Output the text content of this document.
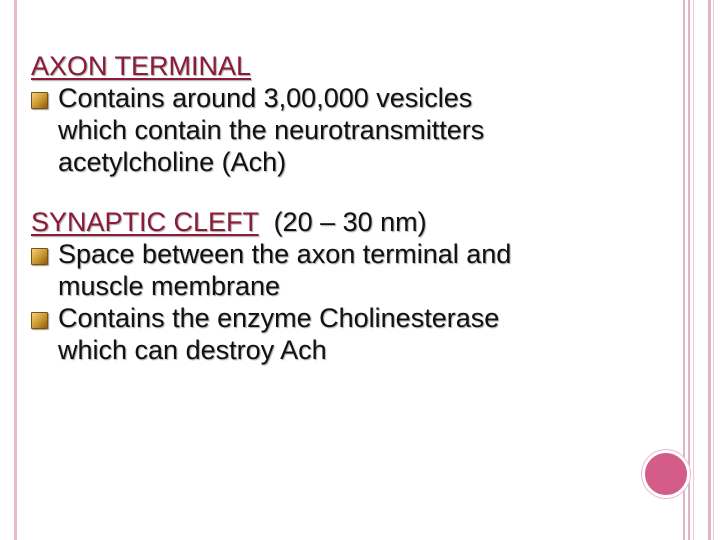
AXON TERMINAL
Contains around 3,00,000 vesicles
which contain the neurotransmitters
acetylcholine (Ach)
SYNAPTIC CLEFT  (20 – 30 nm)
Space between the axon terminal and
muscle membrane
Contains the enzyme Cholinesterase
which can destroy Ach
